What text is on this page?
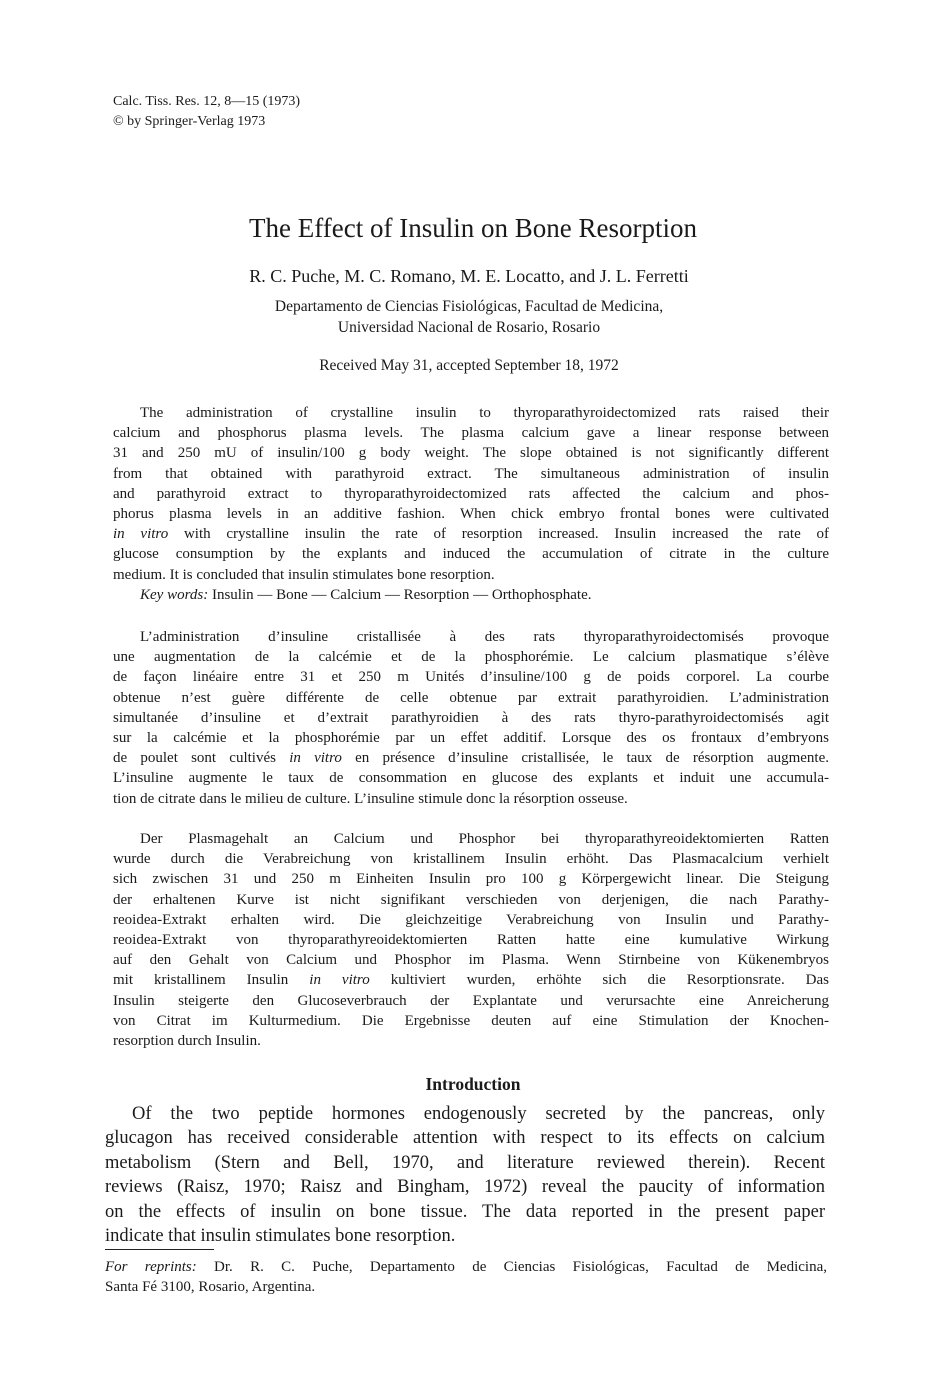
Calc. Tiss. Res. 12, 8—15 (1973)
© by Springer-Verlag 1973
The Effect of Insulin on Bone Resorption
R. C. Puche, M. C. Romano, M. E. Locatto, and J. L. Ferretti
Departamento de Ciencias Fisiológicas, Facultad de Medicina,
Universidad Nacional de Rosario, Rosario
Received May 31, accepted September 18, 1972
The administration of crystalline insulin to thyroparathyroidectomized rats raised their
calcium and phosphorus plasma levels. The plasma calcium gave a linear response between
31 and 250 mU of insulin/100 g body weight. The slope obtained is not significantly different
from that obtained with parathyroid extract. The simultaneous administration of insulin
and parathyroid extract to thyroparathyroidectomized rats affected the calcium and phos-
phorus plasma levels in an additive fashion. When chick embryo frontal bones were cultivated
in vitro with crystalline insulin the rate of resorption increased. Insulin increased the rate of
glucose consumption by the explants and induced the accumulation of citrate in the culture
medium. It is concluded that insulin stimulates bone resorption.
Key words: Insulin — Bone — Calcium — Resorption — Orthophosphate.
L’administration d’insuline cristallisée à des rats thyroparathyroidectomisés provoque
une augmentation de la calcémie et de la phosphorémie. Le calcium plasmatique s’élève
de façon linéaire entre 31 et 250 m Unités d’insuline/100 g de poids corporel. La courbe
obtenue n’est guère différente de celle obtenue par extrait parathyroidien. L’administration
simultanée d’insuline et d’extrait parathyroidien à des rats thyro-parathyroidectomisés agit
sur la calcémie et la phosphorémie par un effet additif. Lorsque des os frontaux d’embryons
de poulet sont cultivés in vitro en présence d’insuline cristallisée, le taux de résorption augmente.
L’insuline augmente le taux de consommation en glucose des explants et induit une accumula-
tion de citrate dans le milieu de culture. L’insuline stimule donc la résorption osseuse.
Der Plasmagehalt an Calcium und Phosphor bei thyroparathyreoidektomierten Ratten
wurde durch die Verabreichung von kristallinem Insulin erhöht. Das Plasmacalcium verhielt
sich zwischen 31 und 250 m Einheiten Insulin pro 100 g Körpergewicht linear. Die Steigung
der erhaltenen Kurve ist nicht signifikant verschieden von derjenigen, die nach Parathy-
reoidea-Extrakt erhalten wird. Die gleichzeitige Verabreichung von Insulin und Parathy-
reoidea-Extrakt von thyroparathyreoidektomierten Ratten hatte eine kumulative Wirkung
auf den Gehalt von Calcium und Phosphor im Plasma. Wenn Stirnbeine von Kükenembryos
mit kristallinem Insulin in vitro kultiviert wurden, erhöhte sich die Resorptionsrate. Das
Insulin steigerte den Glucoseverbrauch der Explantate und verursachte eine Anreicherung
von Citrat im Kulturmedium. Die Ergebnisse deuten auf eine Stimulation der Knochen-
resorption durch Insulin.
Introduction
Of the two peptide hormones endogenously secreted by the pancreas, only
glucagon has received considerable attention with respect to its effects on calcium
metabolism (Stern and Bell, 1970, and literature reviewed therein). Recent
reviews (Raisz, 1970; Raisz and Bingham, 1972) reveal the paucity of information
on the effects of insulin on bone tissue. The data reported in the present paper
indicate that insulin stimulates bone resorption.
For reprints: Dr. R. C. Puche, Departamento de Ciencias Fisiológicas, Facultad de Medicina,
Santa Fé 3100, Rosario, Argentina.
